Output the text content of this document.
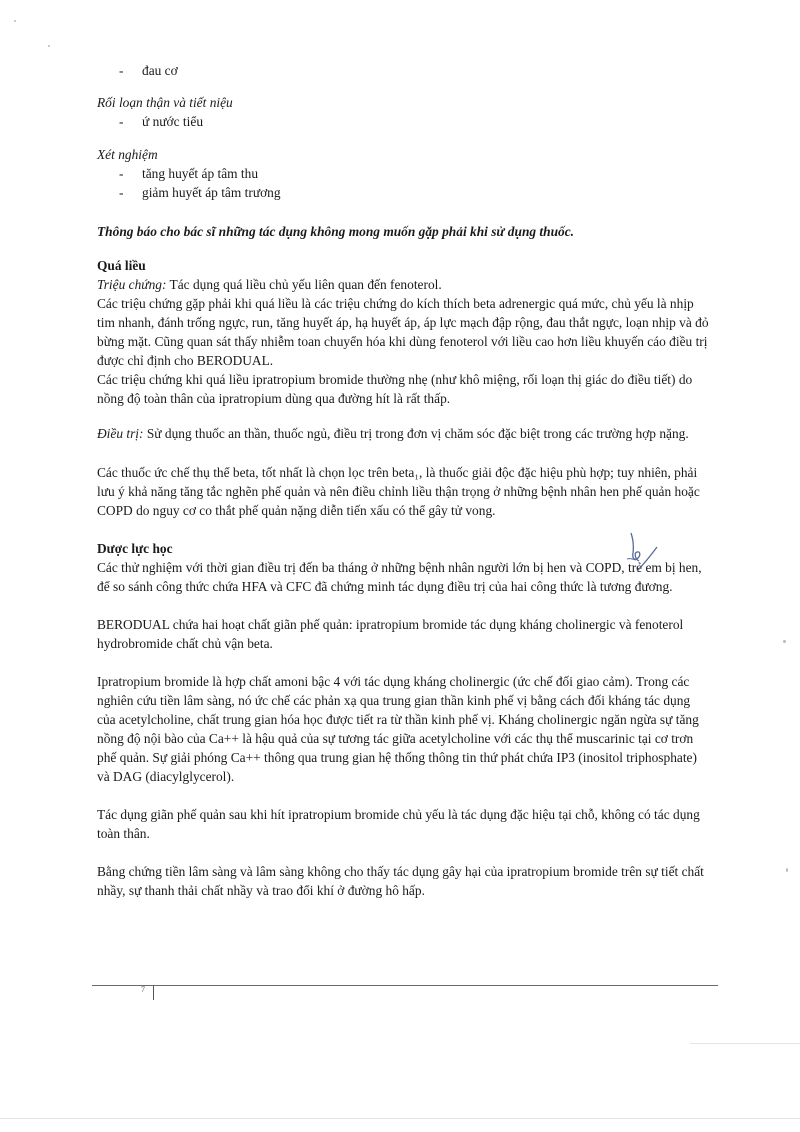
- đau cơ

Rối loạn thận và tiết niệu

- ứ nước tiểu

Xét nghiệm

- tăng huyết áp tâm thu
- giảm huyết áp tâm trương

Thông báo cho bác sĩ những tác dụng không mong muốn gặp phải khi sử dụng thuốc.

Quá liều

Triệu chứng: Tác dụng quá liều chủ yếu liên quan đến fenoterol.

Các triệu chứng gặp phải khi quá liều là các triệu chứng do kích thích beta adrenergic quá mức, chủ yếu là nhịp tim nhanh, đánh trống ngực, run, tăng huyết áp, hạ huyết áp, áp lực mạch đập rộng, đau thắt ngực, loạn nhịp và đỏ bừng mặt. Cũng quan sát thấy nhiễm toan chuyển hóa khi dùng fenoterol với liều cao hơn liều khuyến cáo điều trị được chỉ định cho BERODUAL.

Các triệu chứng khi quá liều ipratropium bromide thường nhẹ (như khô miệng, rối loạn thị giác do điều tiết) do nồng độ toàn thân của ipratropium dùng qua đường hít là rất thấp.

Điều trị: Sử dụng thuốc an thần, thuốc ngủ, điều trị trong đơn vị chăm sóc đặc biệt trong các trường hợp nặng.

Các thuốc ức chế thụ thể beta, tốt nhất là chọn lọc trên beta₁, là thuốc giải độc đặc hiệu phù hợp; tuy nhiên, phải lưu ý khả năng tăng tắc nghẽn phế quản và nên điều chỉnh liều thận trọng ở những bệnh nhân hen phế quản hoặc COPD do nguy cơ co thắt phế quản nặng diễn tiến xấu có thể gây tử vong.

Dược lực học

Các thử nghiệm với thời gian điều trị đến ba tháng ở những bệnh nhân người lớn bị hen và COPD, trẻ em bị hen, để so sánh công thức chứa HFA và CFC đã chứng minh tác dụng điều trị của hai công thức là tương đương.

BERODUAL chứa hai hoạt chất giãn phế quản: ipratropium bromide tác dụng kháng cholinergic và fenoterol hydrobromide chất chủ vận beta.

Ipratropium bromide là hợp chất amoni bậc 4 với tác dụng kháng cholinergic (ức chế đối giao cảm). Trong các nghiên cứu tiền lâm sàng, nó ức chế các phản xạ qua trung gian thần kinh phế vị bằng cách đối kháng tác dụng của acetylcholine, chất trung gian hóa học được tiết ra từ thần kinh phế vị. Kháng cholinergic ngăn ngừa sự tăng nồng độ nội bào của Ca++ là hậu quả của sự tương tác giữa acetylcholine với các thụ thể muscarinic tại cơ trơn phế quản. Sự giải phóng Ca++ thông qua trung gian hệ thống thông tin thứ phát chứa IP3 (inositol triphosphate) và DAG (diacylglycerol).

Tác dụng giãn phế quản sau khi hít ipratropium bromide chủ yếu là tác dụng đặc hiệu tại chỗ, không có tác dụng toàn thân.

Bằng chứng tiền lâm sàng và lâm sàng không cho thấy tác dụng gây hại của ipratropium bromide trên sự tiết chất nhầy, sự thanh thải chất nhầy và trao đổi khí ở đường hô hấp.

7
